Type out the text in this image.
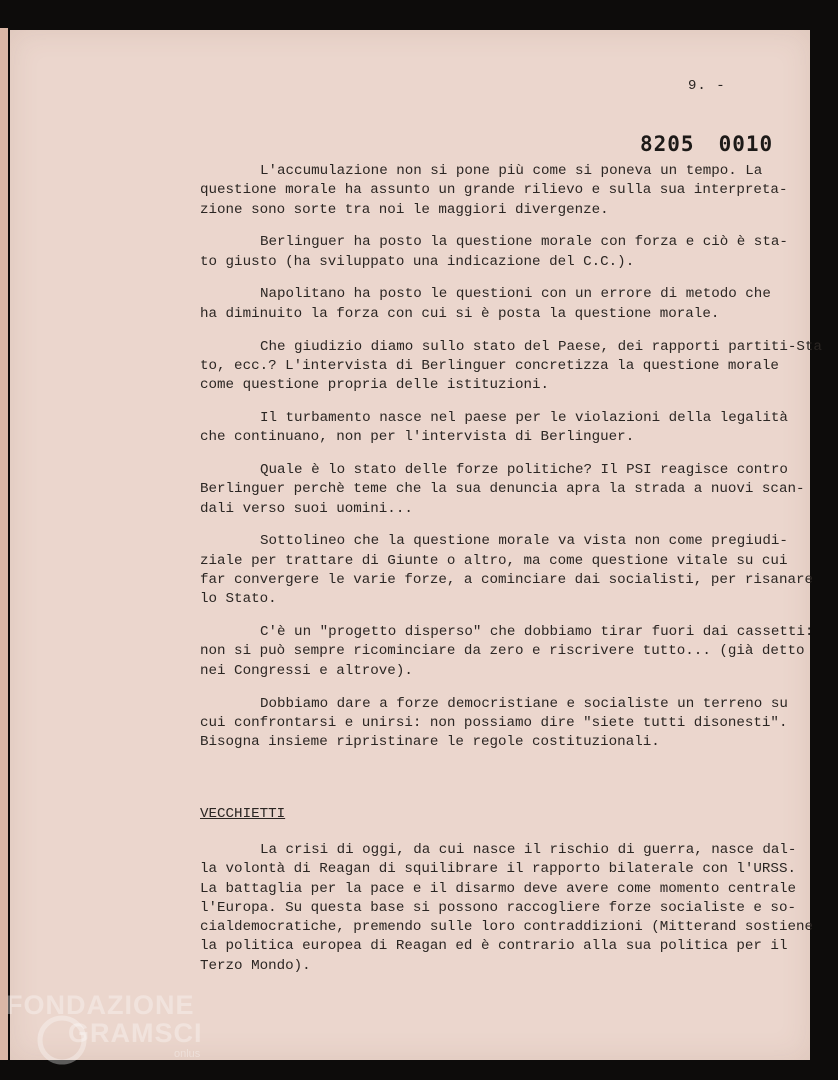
9. -
8205 0010

L'accumulazione non si pone più come si poneva un tempo. La
questione morale ha assunto un grande rilievo e sulla sua interpreta-
zione sono sorte tra noi le maggiori divergenze.

Berlinguer ha posto la questione morale con forza e ciò è sta-
to giusto (ha sviluppato una indicazione del C.C.).

Napolitano ha posto le questioni con un errore di metodo che
ha diminuito la forza con cui si è posta la questione morale.

Che giudizio diamo sullo stato del Paese, dei rapporti partiti-Sta
to, ecc.? L'intervista di Berlinguer concretizza la questione morale
come questione propria delle istituzioni.

Il turbamento nasce nel paese per le violazioni della legalità
che continuano, non per l'intervista di Berlinguer.

Quale è lo stato delle forze politiche? Il PSI reagisce contro
Berlinguer perchè teme che la sua denuncia apra la strada a nuovi scan-
dali verso suoi uomini...

Sottolineo che la questione morale va vista non come pregiudi-
ziale per trattare di Giunte o altro, ma come questione vitale su cui
far convergere le varie forze, a cominciare dai socialisti, per risanare
lo Stato.

C'è un "progetto disperso" che dobbiamo tirar fuori dai cassetti:
non si può sempre ricominciare da zero e riscrivere tutto... (già detto
nei Congressi e altrove).

Dobbiamo dare a forze democristiane e socialiste un terreno su
cui confrontarsi e unirsi: non possiamo dire "siete tutti disonesti".
Bisogna insieme ripristinare le regole costituzionali.

VECCHIETTI

La crisi di oggi, da cui nasce il rischio di guerra, nasce dal-
la volontà di Reagan di squilibrare il rapporto bilaterale con l'URSS.
La battaglia per la pace e il disarmo deve avere come momento centrale
l'Europa. Su questa base si possono raccogliere forze socialiste e so-
cialdemocratiche, premendo sulle loro contraddizioni (Mitterand sostiene
la politica europea di Reagan ed è contrario alla sua politica per il
Terzo Mondo).

FONDAZIONE
GRAMSCI
onlus
